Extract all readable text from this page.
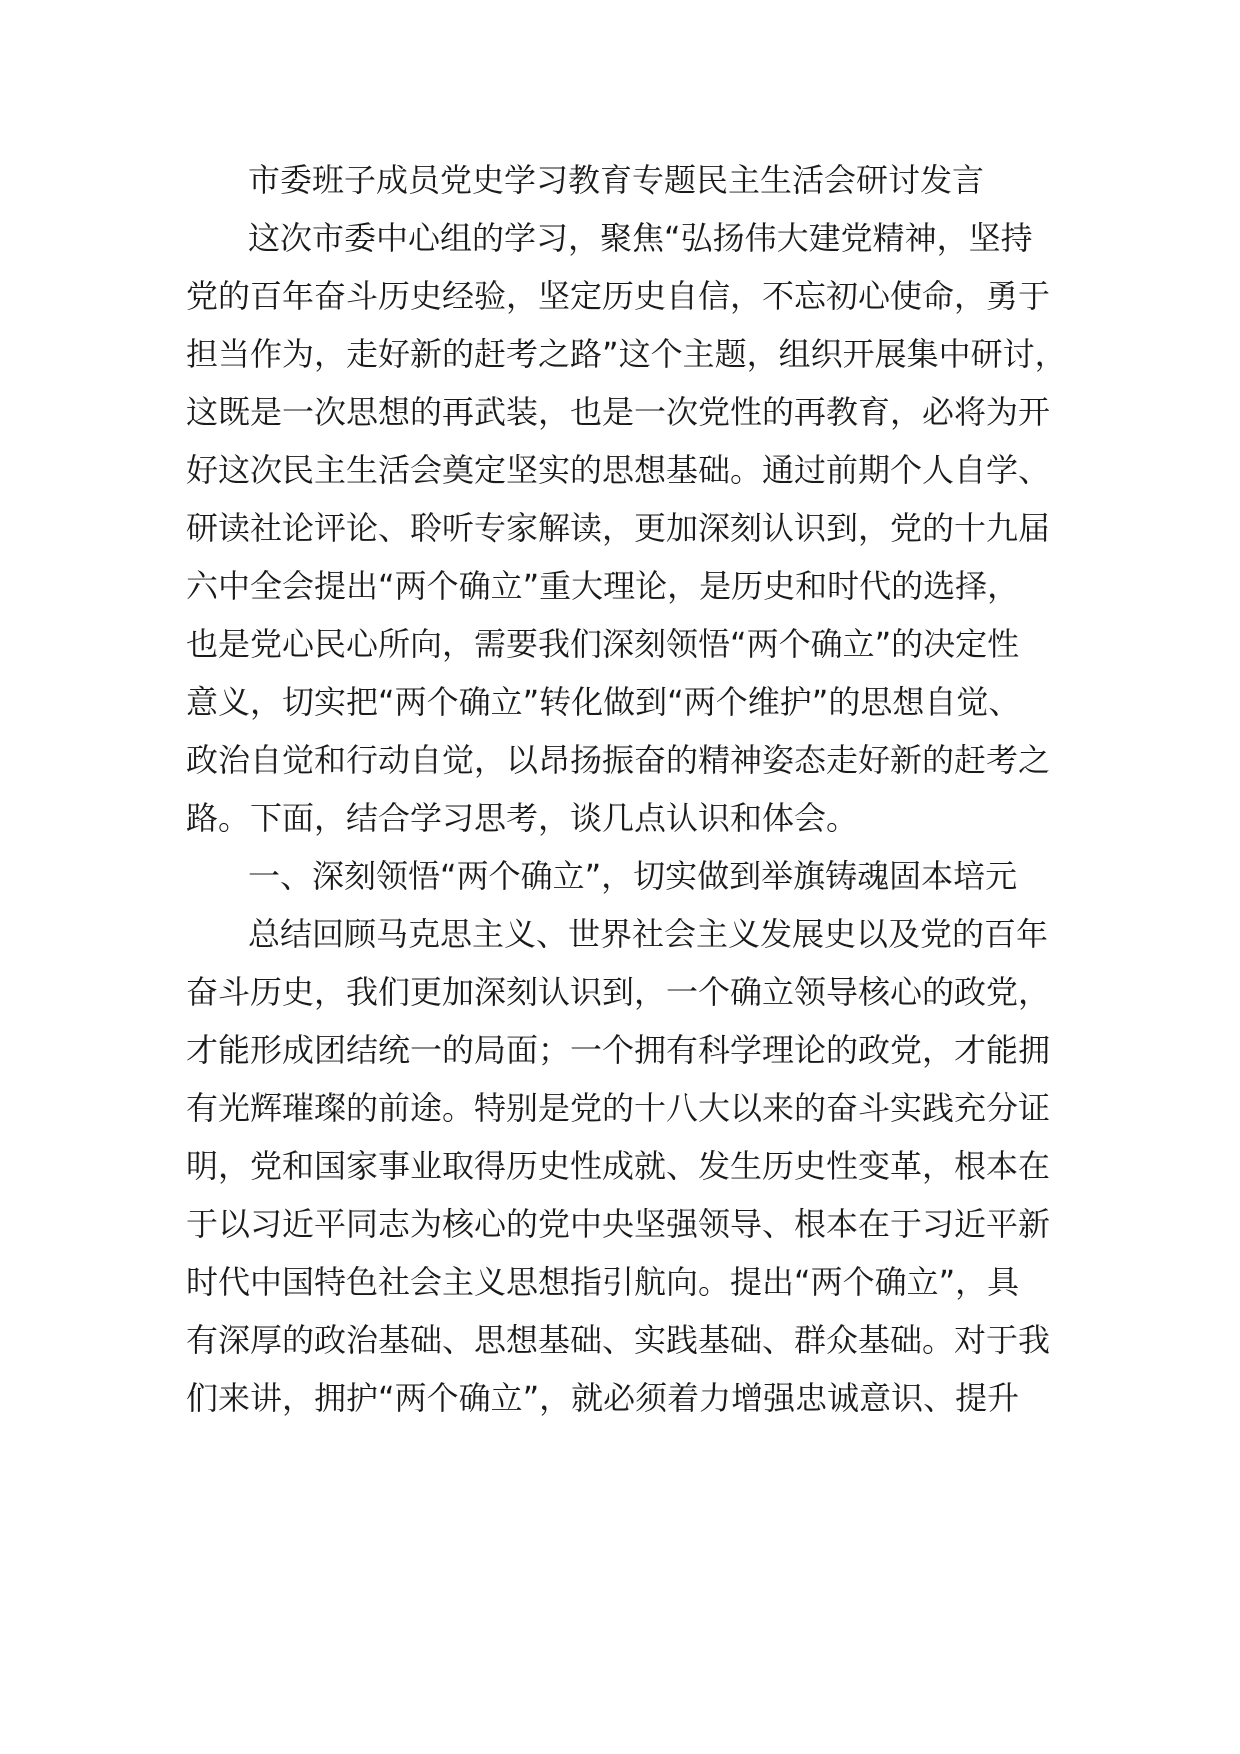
市委班子成员党史学习教育专题民主生活会研讨发言
这次市委中心组的学习，聚焦“弘扬伟大建党精神，坚持
党的百年奋斗历史经验，坚定历史自信，不忘初心使命，勇于
担当作为，走好新的赶考之路”这个主题，组织开展集中研讨，
这既是一次思想的再武装，也是一次党性的再教育，必将为开
好这次民主生活会奠定坚实的思想基础。通过前期个人自学、
研读社论评论、聆听专家解读，更加深刻认识到，党的十九届
六中全会提出“两个确立”重大理论，是历史和时代的选择，
也是党心民心所向，需要我们深刻领悟“两个确立”的决定性
意义，切实把“两个确立”转化做到“两个维护”的思想自觉、
政治自觉和行动自觉，以昂扬振奋的精神姿态走好新的赶考之
路。下面，结合学习思考，谈几点认识和体会。
一、深刻领悟“两个确立”，切实做到举旗铸魂固本培元
总结回顾马克思主义、世界社会主义发展史以及党的百年
奋斗历史，我们更加深刻认识到，一个确立领导核心的政党，
才能形成团结统一的局面；一个拥有科学理论的政党，才能拥
有光辉璀璨的前途。特别是党的十八大以来的奋斗实践充分证
明，党和国家事业取得历史性成就、发生历史性变革，根本在
于以习近平同志为核心的党中央坚强领导、根本在于习近平新
时代中国特色社会主义思想指引航向。提出“两个确立”，具
有深厚的政治基础、思想基础、实践基础、群众基础。对于我
们来讲，拥护“两个确立”，就必须着力增强忠诚意识、提升
